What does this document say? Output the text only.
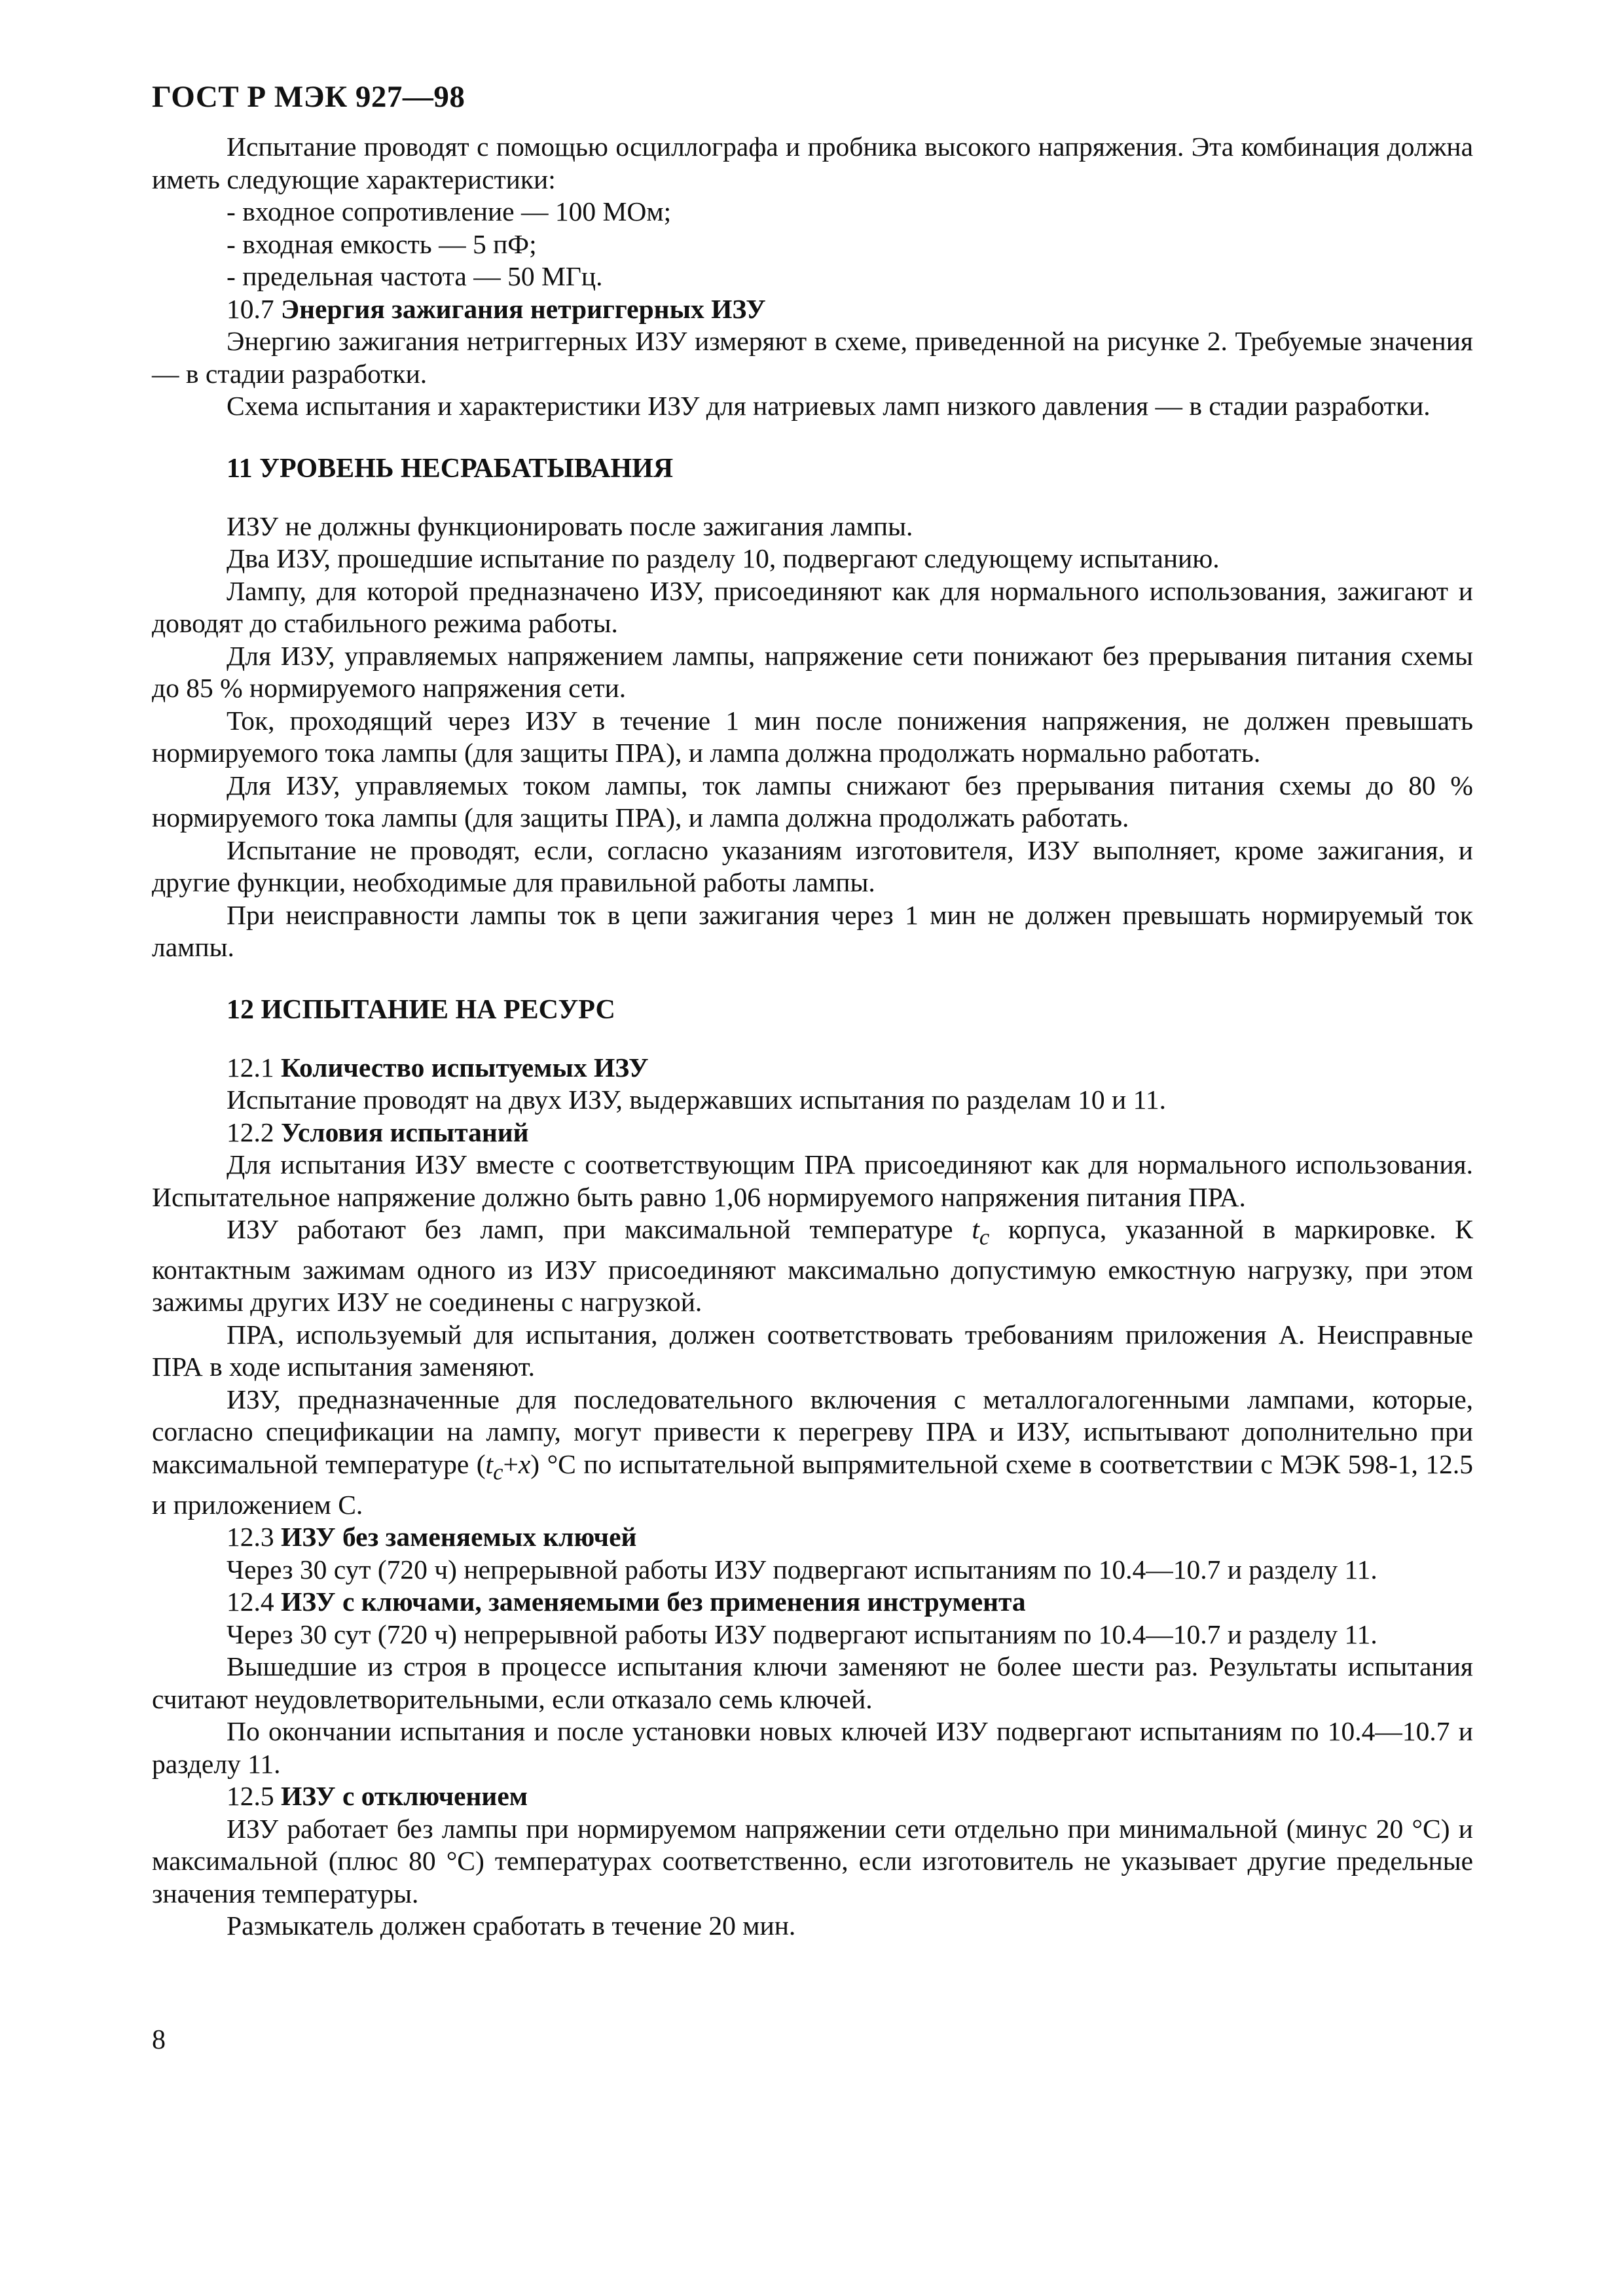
ГОСТ Р МЭК 927—98

Испытание проводят с помощью осциллографа и пробника высокого напряжения. Эта комбинация должна иметь следующие характеристики:

- входное сопротивление — 100 МОм;

- входная емкость — 5 пФ;

- предельная частота — 50 МГц.

10.7 Энергия зажигания нетриггерных ИЗУ

Энергию зажигания нетриггерных ИЗУ измеряют в схеме, приведенной на рисунке 2. Требуемые значения — в стадии разработки.

Схема испытания и характеристики ИЗУ для натриевых ламп низкого давления — в стадии разработки.

11 УРОВЕНЬ НЕСРАБАТЫВАНИЯ

ИЗУ не должны функционировать после зажигания лампы.

Два ИЗУ, прошедшие испытание по разделу 10, подвергают следующему испытанию.

Лампу, для которой предназначено ИЗУ, присоединяют как для нормального использования, зажигают и доводят до стабильного режима работы.

Для ИЗУ, управляемых напряжением лампы, напряжение сети понижают без прерывания питания схемы до 85 % нормируемого напряжения сети.

Ток, проходящий через ИЗУ в течение 1 мин после понижения напряжения, не должен превышать нормируемого тока лампы (для защиты ПРА), и лампа должна продолжать нормально работать.

Для ИЗУ, управляемых током лампы, ток лампы снижают без прерывания питания схемы до 80 % нормируемого тока лампы (для защиты ПРА), и лампа должна продолжать работать.

Испытание не проводят, если, согласно указаниям изготовителя, ИЗУ выполняет, кроме зажигания, и другие функции, необходимые для правильной работы лампы.

При неисправности лампы ток в цепи зажигания через 1 мин не должен превышать нормируемый ток лампы.

12 ИСПЫТАНИЕ НА РЕСУРС

12.1 Количество испытуемых ИЗУ

Испытание проводят на двух ИЗУ, выдержавших испытания по разделам 10 и 11.

12.2 Условия испытаний

Для испытания ИЗУ вместе с соответствующим ПРА присоединяют как для нормального использования. Испытательное напряжение должно быть равно 1,06 нормируемого напряжения питания ПРА.

ИЗУ работают без ламп, при максимальной температуре $t_c$ корпуса, указанной в маркировке. К контактным зажимам одного из ИЗУ присоединяют максимально допустимую емкостную нагрузку, при этом зажимы других ИЗУ не соединены с нагрузкой.

ПРА, используемый для испытания, должен соответствовать требованиям приложения А. Неисправные ПРА в ходе испытания заменяют.

ИЗУ, предназначенные для последовательного включения с металлогалогенными лампами, которые, согласно спецификации на лампу, могут привести к перегреву ПРА и ИЗУ, испытывают дополнительно при максимальной температуре $(t_c+x)$ °С по испытательной выпрямительной схеме в соответствии с МЭК 598-1, 12.5 и приложением С.

12.3 ИЗУ без заменяемых ключей

Через 30 сут (720 ч) непрерывной работы ИЗУ подвергают испытаниям по 10.4—10.7 и разделу 11.

12.4 ИЗУ с ключами, заменяемыми без применения инструмента

Через 30 сут (720 ч) непрерывной работы ИЗУ подвергают испытаниям по 10.4—10.7 и разделу 11.

Вышедшие из строя в процессе испытания ключи заменяют не более шести раз. Результаты испытания считают неудовлетворительными, если отказало семь ключей.

По окончании испытания и после установки новых ключей ИЗУ подвергают испытаниям по 10.4—10.7 и разделу 11.

12.5 ИЗУ с отключением

ИЗУ работает без лампы при нормируемом напряжении сети отдельно при минимальной (минус 20 °С) и максимальной (плюс 80 °С) температурах соответственно, если изготовитель не указывает другие предельные значения температуры.

Размыкатель должен сработать в течение 20 мин.

8
